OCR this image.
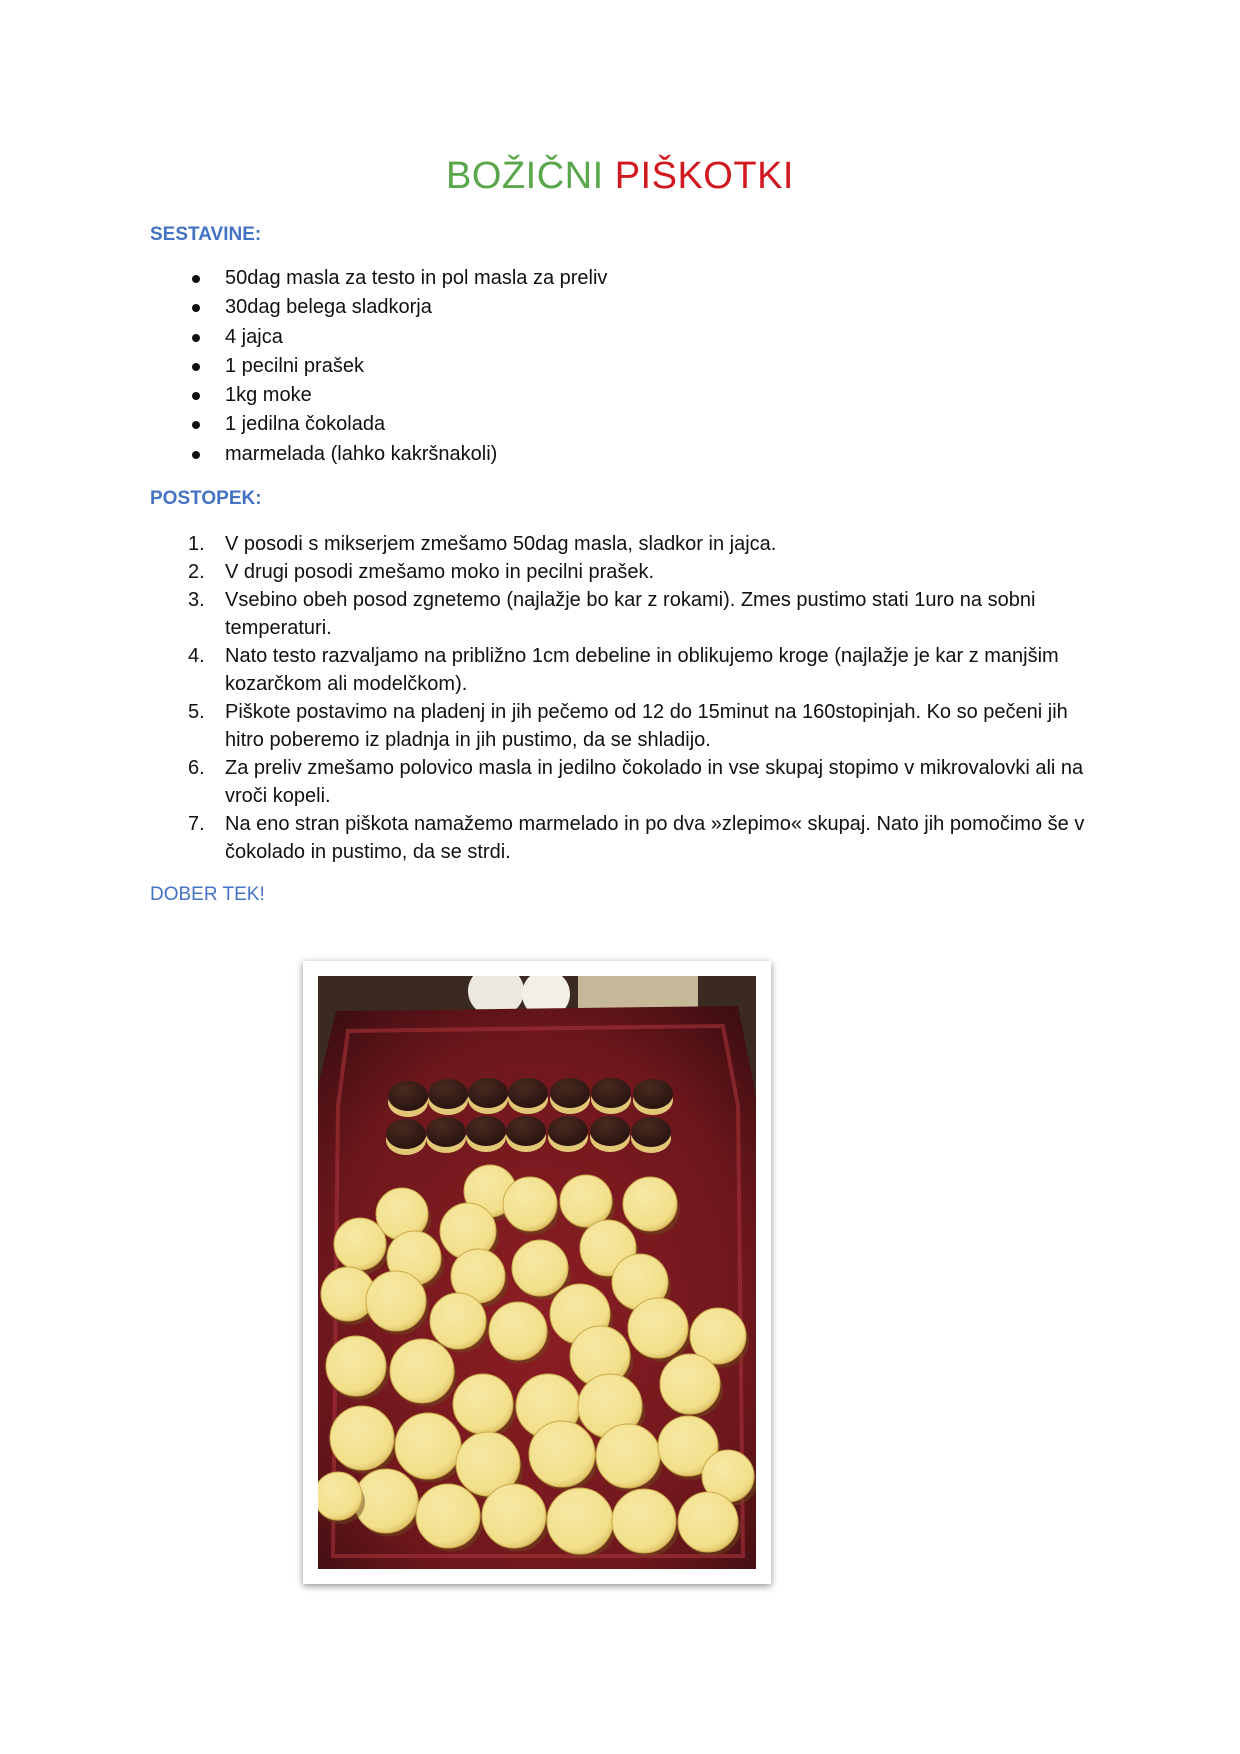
BOŽIČNI PIŠKOTKI
SESTAVINE:
50dag masla za testo in pol masla za preliv
30dag belega sladkorja
4 jajca
1 pecilni prašek
1kg moke
1 jedilna čokolada
marmelada (lahko kakršnakoli)
POSTOPEK:
1. V posodi s mikserjem zmešamo 50dag masla, sladkor in jajca.
2. V drugi posodi zmešamo moko in pecilni prašek.
3. Vsebino obeh posod zgnetemo (najlažje bo kar z rokami). Zmes pustimo stati 1uro na sobni temperaturi.
4. Nato testo razvaljamo na približno 1cm debeline in oblikujemo kroge (najlažje je kar z manjšim kozarčkom ali modelčkom).
5. Piškote postavimo na pladenj in jih pečemo od 12 do 15minut na 160stopinjah. Ko so pečeni jih hitro poberemo iz pladnja in jih pustimo, da se shladijo.
6. Za preliv zmešamo polovico masla in jedilno čokolado in vse skupaj stopimo v mikrovalovki ali na vroči kopeli.
7. Na eno stran piškota namažemo marmelado in po dva »zlepimo« skupaj. Nato jih pomočimo še v čokolado in pustimo, da se strdi.

DOBER TEK!
